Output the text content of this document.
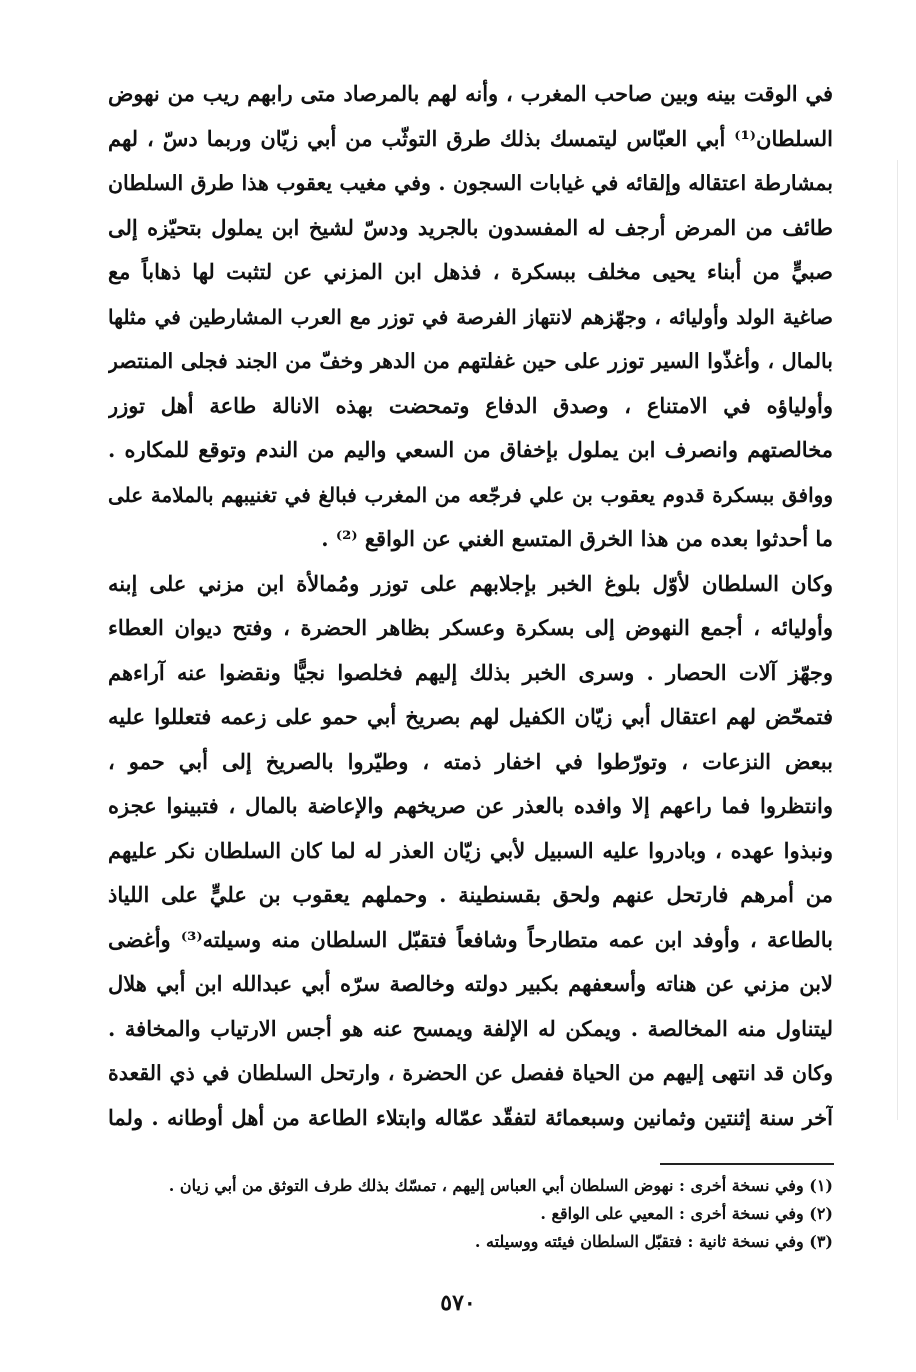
في الوقت بينه وبين صاحب المغرب ، وأنه لهم بالمرصاد متى رابهم ريب من نهوض
السلطان⁽¹⁾ أبي العبّاس ليتمسك بذلك طرق التوثّب من أبي زيّان وربما دسّ ، لهم
بمشارطة اعتقاله وإلقائه في غيابات السجون . وفي مغيب يعقوب هذا طرق السلطان
طائف من المرض أرجف له المفسدون بالجريد ودسّ لشيخ ابن يملول بتحيّزه إلى
صبيٍّ من أبناء يحيى مخلف ببسكرة ، فذهل ابن المزني عن لتثبت لها ذهاباً مع
صاغية الولد وأوليائه ، وجهّزهم لانتهاز الفرصة في توزر مع العرب المشارطين في مثلها
بالمال ، وأغذّوا السير توزر على حين غفلتهم من الدهر وخفّ من الجند فجلى المنتصر
وأولياؤه في الامتناع ، وصدق الدفاع وتمحضت بهذه الانالة طاعة أهل توزر
مخالصتهم وانصرف ابن يملول بإخفاق من السعي واليم من الندم وتوقع للمكاره .
ووافق ببسكرة قدوم يعقوب بن علي فرجّعه من المغرب فبالغ في تغنيبهم بالملامة على
ما أحدثوا بعده من هذا الخرق المتسع الغني عن الواقع ⁽²⁾ .
وكان السلطان لأوّل بلوغ الخبر بإجلابهم على توزر ومُمالأة ابن مزني على إبنه
وأوليائه ، أجمع النهوض إلى بسكرة وعسكر بظاهر الحضرة ، وفتح ديوان العطاء
وجهّز آلات الحصار . وسرى الخبر بذلك إليهم فخلصوا نجيًّا ونقضوا عنه آراءهم
فتمحّض لهم اعتقال أبي زيّان الكفيل لهم بصريخ أبي حمو على زعمه فتعللوا عليه
ببعض النزعات ، وتورّطوا في اخفار ذمته ، وطيّروا بالصريخ إلى أبي حمو ،
وانتظروا فما راعهم إلا وافده بالعذر عن صريخهم والإعاضة بالمال ، فتبينوا عجزه
ونبذوا عهده ، وبادروا عليه السبيل لأبي زيّان العذر له لما كان السلطان نكر عليهم
من أمرهم فارتحل عنهم ولحق بقسنطينة . وحملهم يعقوب بن عليٍّ على اللياذ
بالطاعة ، وأوفد ابن عمه متطارحاً وشافعاً فتقبّل السلطان منه وسيلته⁽³⁾ وأغضى
لابن مزني عن هناته وأسعفهم بكبير دولته وخالصة سرّه أبي عبدالله ابن أبي هلال
ليتناول منه المخالصة . ويمكن له الإلفة ويمسح عنه هو أجس الارتياب والمخافة .
وكان قد انتهى إليهم من الحياة ففصل عن الحضرة ، وارتحل السلطان في ذي القعدة
آخر سنة إثنتين وثمانين وسبعمائة لتفقّد عمّاله وابتلاء الطاعة من أهل أوطانه . ولما
(١) وفي نسخة أخرى : نهوض السلطان أبي العباس إليهم ، تمسّك بذلك طرف التوثق من أبي زيان .
(٢) وفي نسخة أخرى : المعيي على الواقع .
(٣) وفي نسخة ثانية : فتقبّل السلطان فيئته ووسيلته .
٥٧٠
